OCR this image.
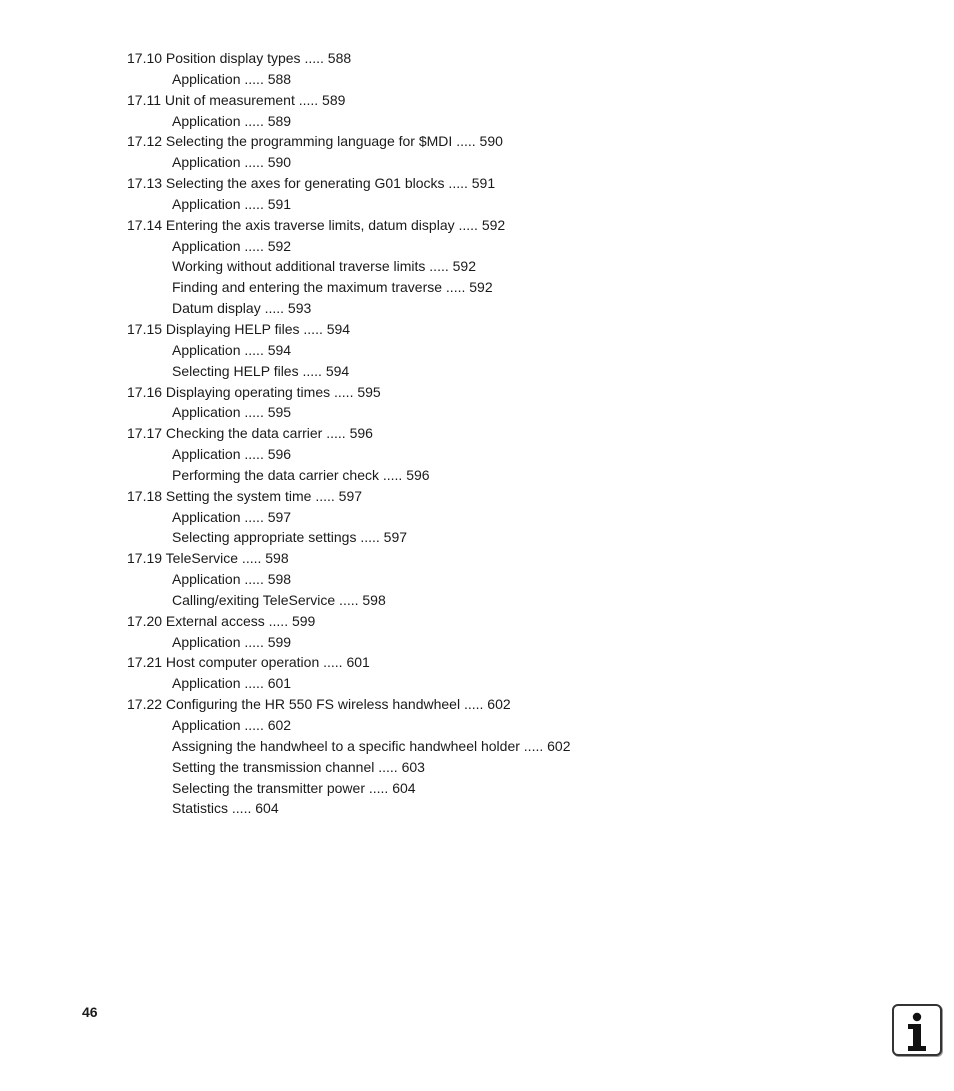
17.10 Position display types ..... 588
Application ..... 588
17.11 Unit of measurement ..... 589
Application ..... 589
17.12 Selecting the programming language for $MDI ..... 590
Application ..... 590
17.13 Selecting the axes for generating G01 blocks ..... 591
Application ..... 591
17.14 Entering the axis traverse limits, datum display ..... 592
Application ..... 592
Working without additional traverse limits ..... 592
Finding and entering the maximum traverse ..... 592
Datum display ..... 593
17.15 Displaying HELP files ..... 594
Application ..... 594
Selecting HELP files ..... 594
17.16 Displaying operating times ..... 595
Application ..... 595
17.17 Checking the data carrier ..... 596
Application ..... 596
Performing the data carrier check ..... 596
17.18 Setting the system time ..... 597
Application ..... 597
Selecting appropriate settings ..... 597
17.19 TeleService ..... 598
Application ..... 598
Calling/exiting TeleService ..... 598
17.20 External access ..... 599
Application ..... 599
17.21 Host computer operation ..... 601
Application ..... 601
17.22 Configuring the HR 550 FS wireless handwheel ..... 602
Application ..... 602
Assigning the handwheel to a specific handwheel holder ..... 602
Setting the transmission channel ..... 603
Selecting the transmitter power ..... 604
Statistics ..... 604
46
